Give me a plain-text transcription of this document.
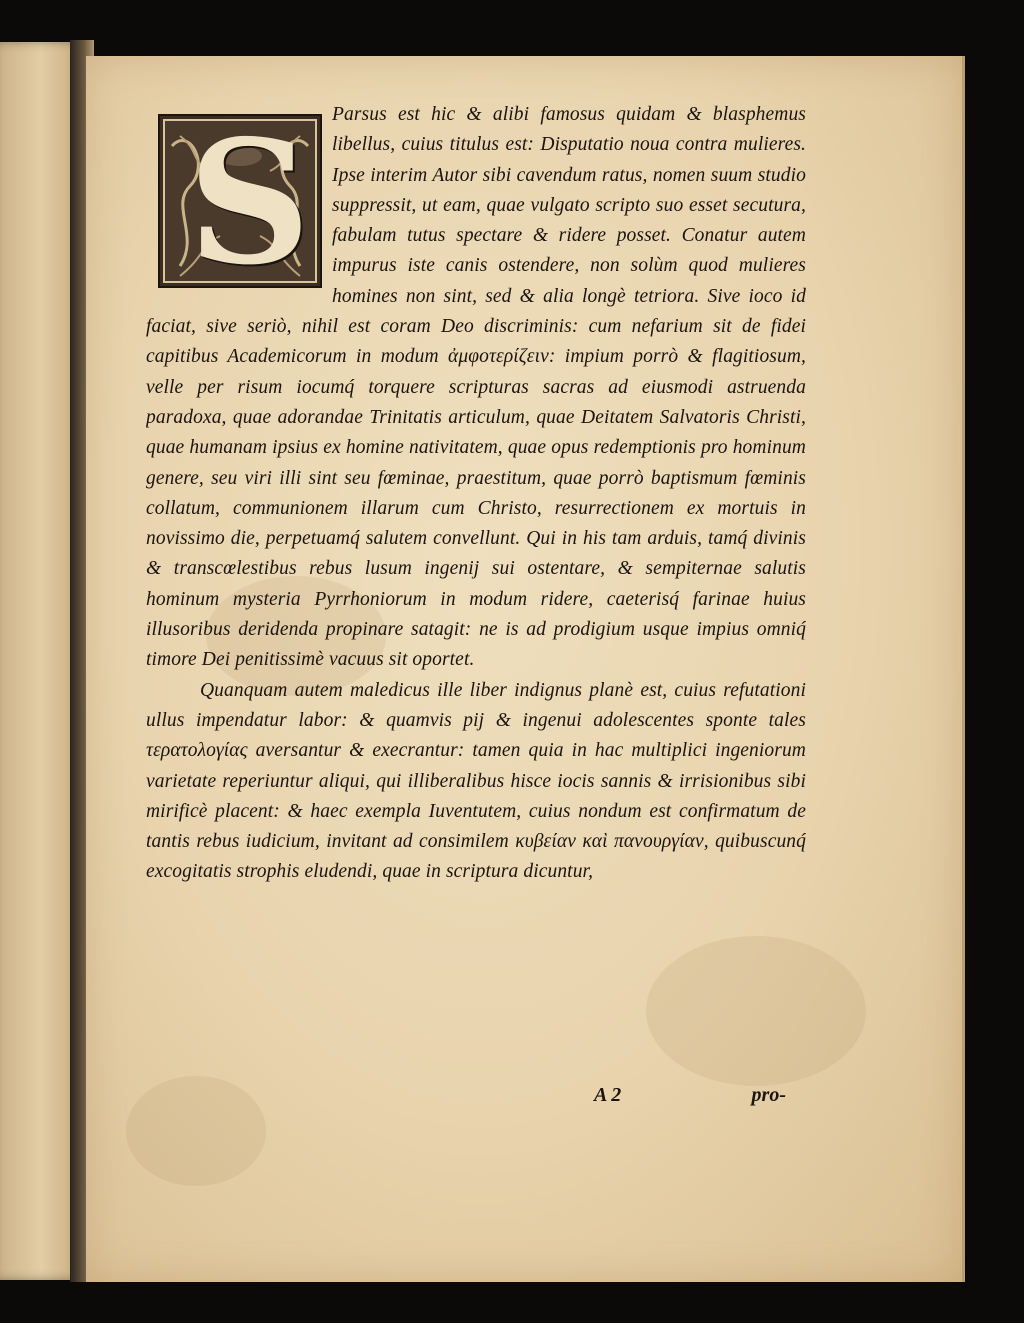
S	Parsus est hic & alibi famosus quidam & blasphemus libellus, cuius titulus est: Disputatio noua contra mulieres. Ipse interim Autor sibi cavendum ratus, nomen suum studio suppressit, ut eam, quae vulgato scripto suo esset secutura, fabulam tutus spectare & ridere posset. Conatur autem impurus iste canis ostendere, non solùm quod mulieres homines non sint, sed & alia longè tetriora. Sive ioco id faciat, sive seriò, nihil est coram Deo discriminis: cum nefarium sit de fidei capitibus Academicorum in modum ἀμφοτερίζειν: impium porrò & flagitiosum, velle per risum iocumq́ torquere scripturas sacras ad eiusmodi astruenda paradoxa, quae adorandae Trinitatis articulum, quae Deitatem Salvatoris Christi, quae humanam ipsius ex homine nativitatem, quae opus redemptionis pro hominum genere, seu viri illi sint seu fœminae, praestitum, quae porrò baptismum fœminis collatum, communionem illarum cum Christo, resurrectionem ex mortuis in novissimo die, perpetuamq́ salutem convellunt. Qui in his tam arduis, tamq́ divinis & transcœlestibus rebus lusum ingenij sui ostentare, & sempiternae salutis hominum mysteria Pyrrhoniorum in modum ridere, caeterisq́ farinae huius illusoribus deridenda propinare satagit: ne is ad prodigium usque impius omniq́ timore Dei penitissimè vacuus sit oportet.

Quanquam autem maledicus ille liber indignus planè est, cuius refutationi ullus impendatur labor: & quamvis pij & ingenui adolescentes sponte tales τερατολογίας aversantur & execrantur: tamen quia in hac multiplici ingeniorum varietate reperiuntur aliqui, qui illiberalibus hisce iocis sannis & irrisionibus sibi mirificè placent: & haec exempla Iuventutem, cuius nondum est confirmatum de tantis rebus iudicium, invitant ad consimilem κυβείαν καὶ πανουργίαν, quibuscunq́ excogitatis strophis eludendi, quae in scriptura dicuntur,

A 2	pro-
